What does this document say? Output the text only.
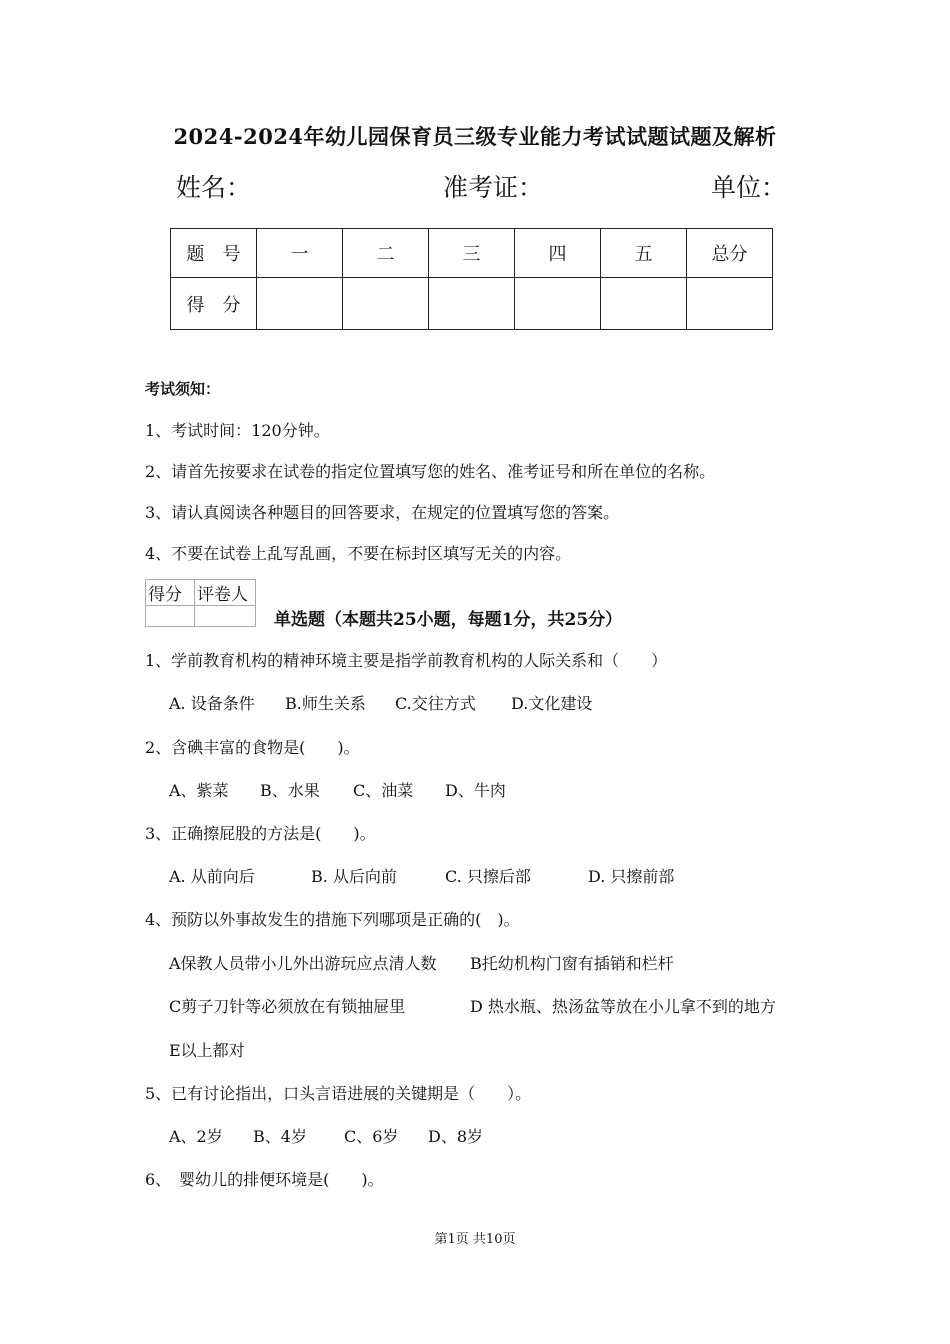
2024-2024年幼儿园保育员三级专业能力考试试题试题及解析
姓名：	准考证：	单位：
题　号	一	二	三	四	五	总分
得　分						
考试须知：
1、考试时间：120分钟。
2、请首先按要求在试卷的指定位置填写您的姓名、准考证号和所在单位的名称。
3、请认真阅读各种题目的回答要求，在规定的位置填写您的答案。
4、不要在试卷上乱写乱画，不要在标封区填写无关的内容。
得分	评卷人

单选题（本题共25小题，每题1分，共25分）
1、学前教育机构的精神环境主要是指学前教育机构的人际关系和（　　）
A. 设备条件 B.师生关系 C.交往方式 D.文化建设
2、含碘丰富的食物是(　　)。
A、紫菜 B、水果 C、油菜 D、牛肉
3、正确擦屁股的方法是(　　)。
A. 从前向后	B. 从后向前	C. 只擦后部	D. 只擦前部
4、预防以外事故发生的措施下列哪项是正确的(　)。
A保教人员带小儿外出游玩应点清人数 B托幼机构门窗有插销和栏杆
C剪子刀针等必须放在有锁抽屉里	D 热水瓶、热汤盆等放在小儿拿不到的地方
E以上都对
5、已有讨论指出，口头言语进展的关键期是（　　）。
A、2岁 B、4岁 C、6岁 D、8岁
6、　婴幼儿的排便环境是(　　)。
第1页 共10页
